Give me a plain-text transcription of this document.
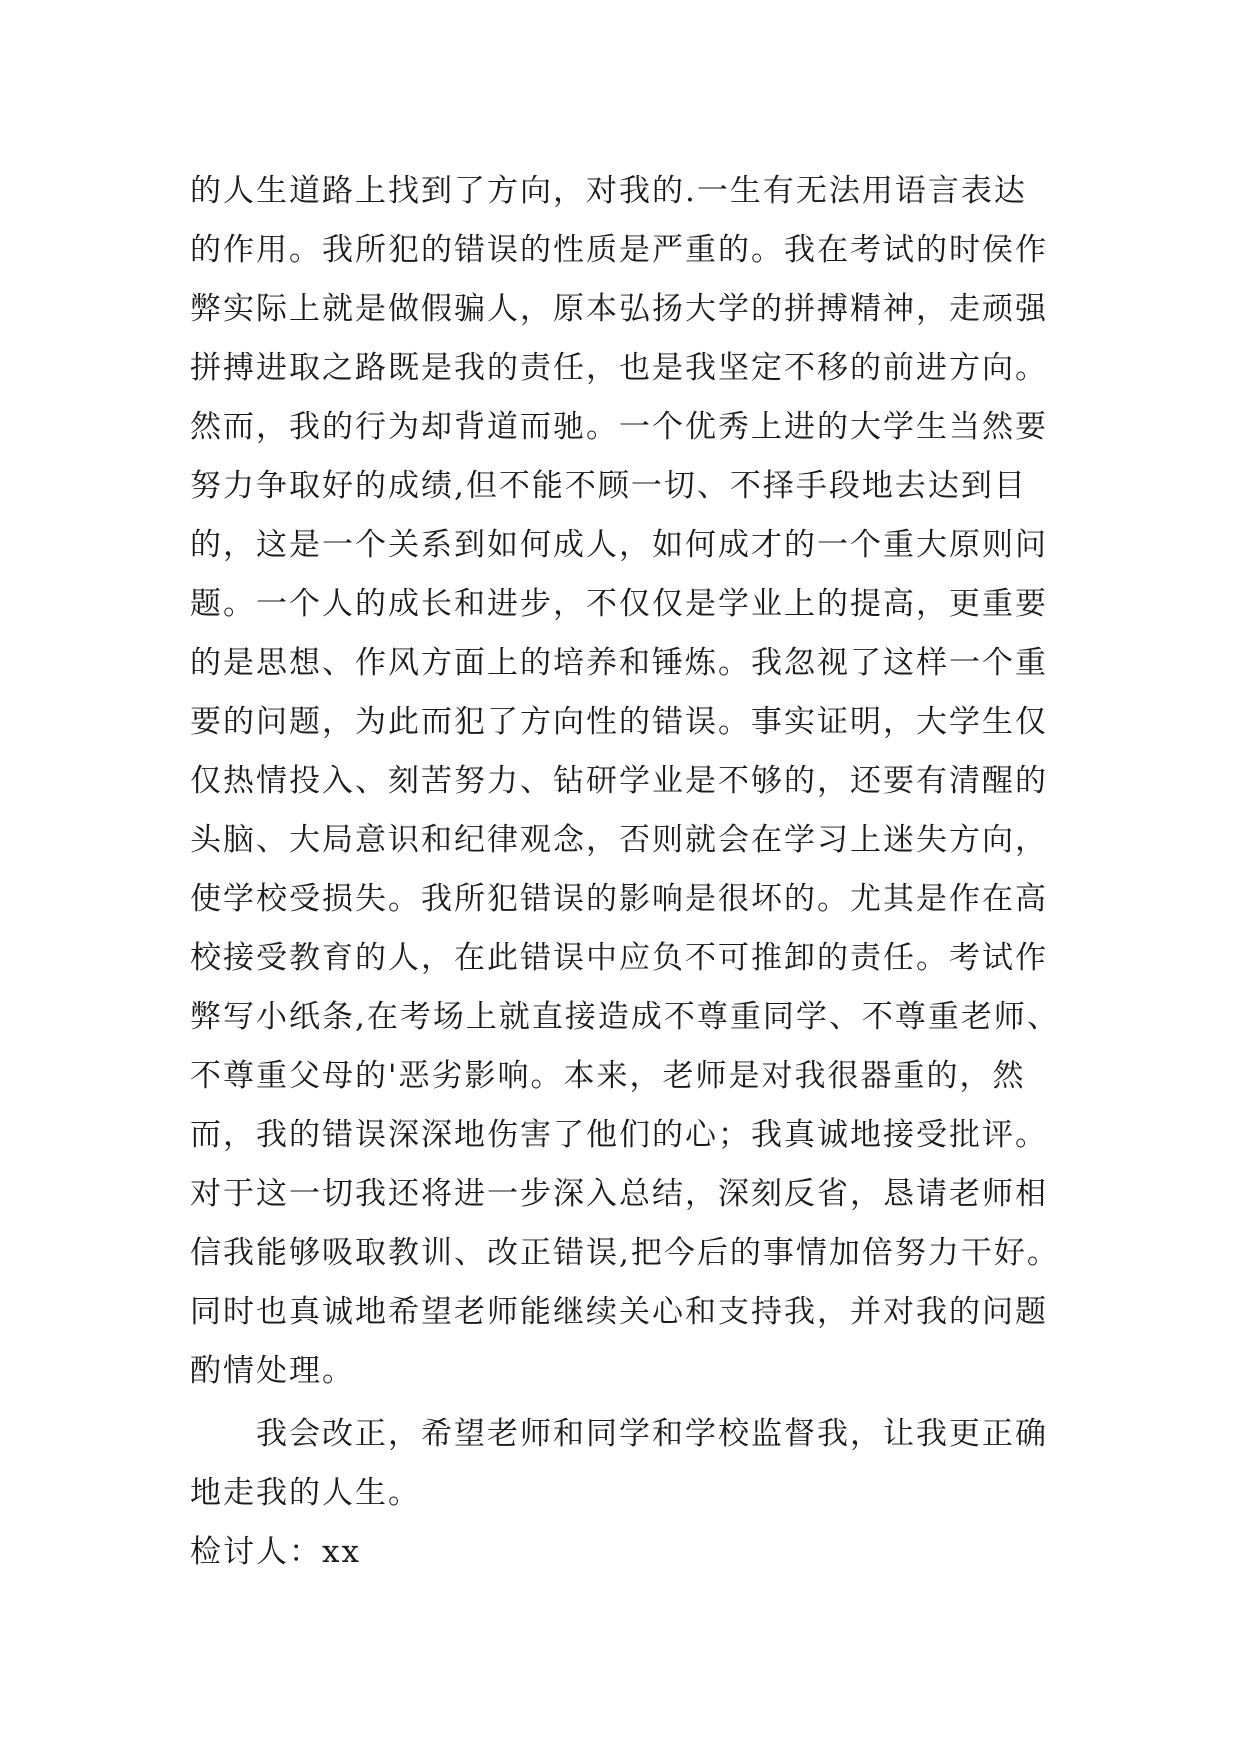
的人生道路上找到了方向，对我的.一生有无法用语言表达
的作用。我所犯的错误的性质是严重的。我在考试的时侯作
弊实际上就是做假骗人，原本弘扬大学的拼搏精神，走顽强
拼搏进取之路既是我的责任，也是我坚定不移的前进方向。
然而，我的行为却背道而驰。一个优秀上进的大学生当然要
努力争取好的成绩,但不能不顾一切、不择手段地去达到目
的，这是一个关系到如何成人，如何成才的一个重大原则问
题。一个人的成长和进步，不仅仅是学业上的提高，更重要
的是思想、作风方面上的培养和锤炼。我忽视了这样一个重
要的问题，为此而犯了方向性的错误。事实证明，大学生仅
仅热情投入、刻苦努力、钻研学业是不够的，还要有清醒的
头脑、大局意识和纪律观念，否则就会在学习上迷失方向，
使学校受损失。我所犯错误的影响是很坏的。尤其是作在高
校接受教育的人，在此错误中应负不可推卸的责任。考试作
弊写小纸条,在考场上就直接造成不尊重同学、不尊重老师、
不尊重父母的'恶劣影响。本来，老师是对我很器重的，然
而，我的错误深深地伤害了他们的心；我真诚地接受批评。
对于这一切我还将进一步深入总结，深刻反省，恳请老师相
信我能够吸取教训、改正错误,把今后的事情加倍努力干好。
同时也真诚地希望老师能继续关心和支持我，并对我的问题
酌情处理。
我会改正，希望老师和同学和学校监督我，让我更正确
地走我的人生。
检讨人：xx
